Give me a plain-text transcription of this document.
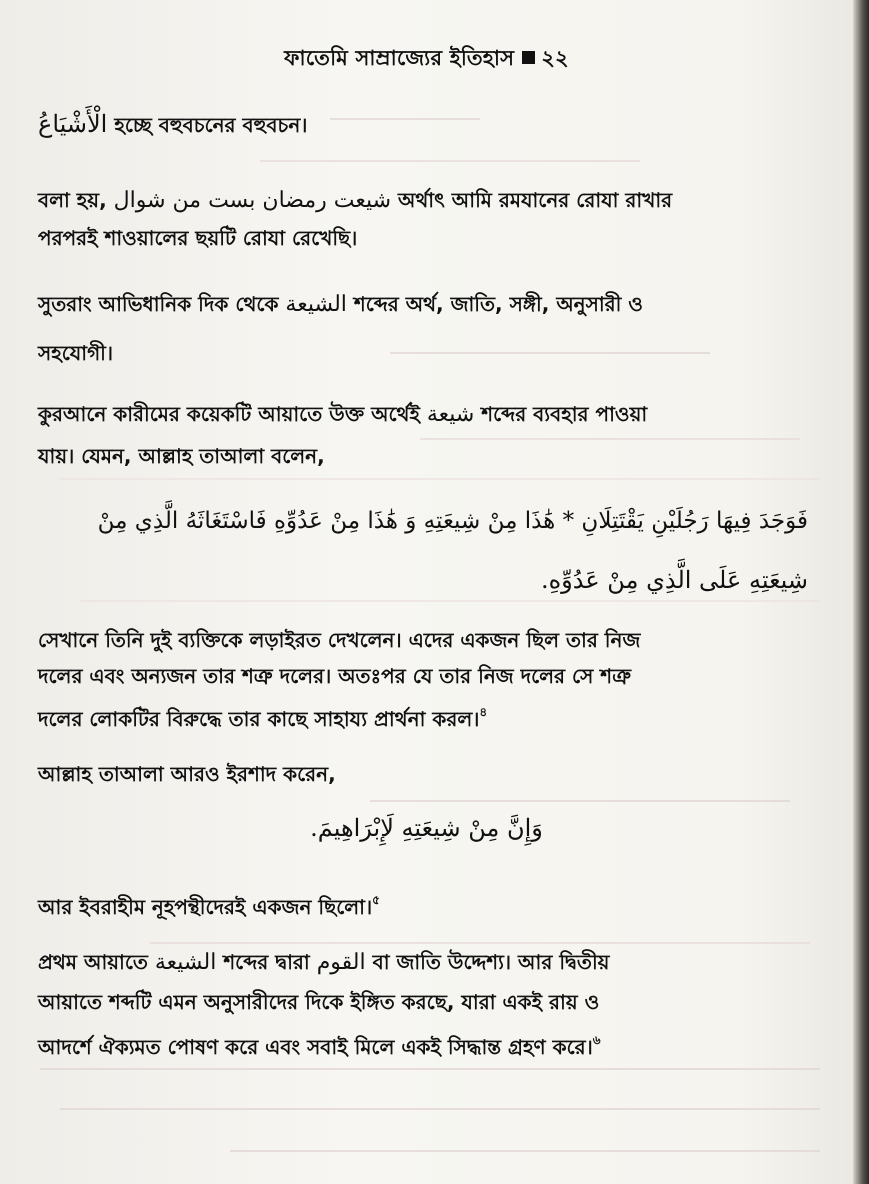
ফাতেমি সাম্রাজ্যের ইতিহাস ২২
الْأَشْيَاعُ হচ্ছে বহুবচনের বহুবচন।
বলা হয়, شيعت رمضان بست من شوال অর্থাৎ আমি রমযানের রোযা রাখার
পরপরই শাওয়ালের ছয়টি রোযা রেখেছি।
সুতরাং আভিধানিক দিক থেকে الشيعة শব্দের অর্থ, জাতি, সঙ্গী, অনুসারী ও
সহযোগী।
কুরআনে কারীমের কয়েকটি আয়াতে উক্ত অর্থেই شيعة শব্দের ব্যবহার পাওয়া
যায়। যেমন, আল্লাহ তাআলা বলেন,
فَوَجَدَ فِيهَا رَجُلَيْنِ يَقْتَتِلَانِ * هَٰذَا مِنْ شِيعَتِهِ وَ هَٰذَا مِنْ عَدُوِّهِ فَاسْتَغَاثَهُ الَّذِي مِنْ
شِيعَتِهِ عَلَى الَّذِي مِنْ عَدُوِّهِ.
সেখানে তিনি দুই ব্যক্তিকে লড়াইরত দেখলেন। এদের একজন ছিল তার নিজ
দলের এবং অন্যজন তার শত্রু দলের। অতঃপর যে তার নিজ দলের সে শত্রু
দলের লোকটির বিরুদ্ধে তার কাছে সাহায্য প্রার্থনা করল।$^৪$
আল্লাহ তাআলা আরও ইরশাদ করেন,
وَإِنَّ مِنْ شِيعَتِهِ لَإِبْرَاهِيمَ.
আর ইবরাহীম নূহপন্থীদেরই একজন ছিলো।$^৫$
প্রথম আয়াতে الشيعة শব্দের দ্বারা القوم বা জাতি উদ্দেশ্য। আর দ্বিতীয়
আয়াতে শব্দটি এমন অনুসারীদের দিকে ইঙ্গিত করছে, যারা একই রায় ও
আদর্শে ঐক্যমত পোষণ করে এবং সবাই মিলে একই সিদ্ধান্ত গ্রহণ করে।$^৬$
